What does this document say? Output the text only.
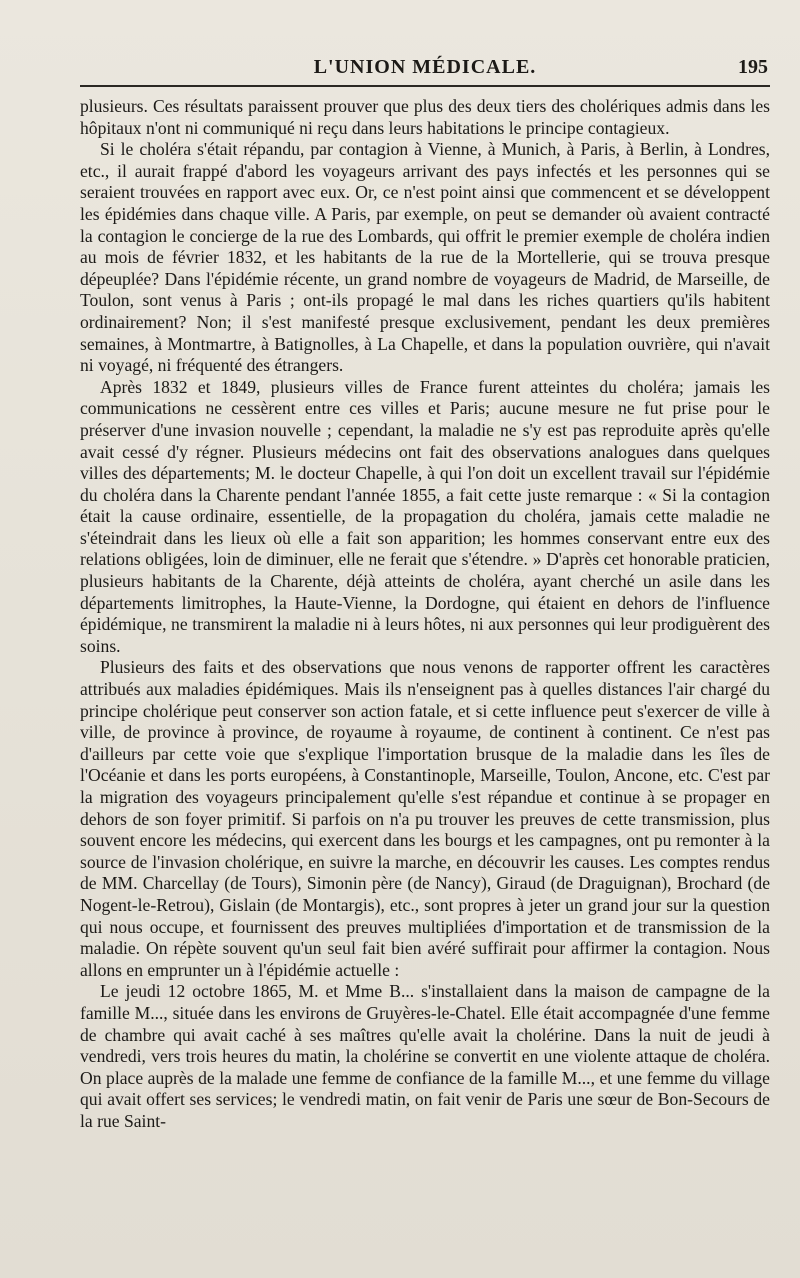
L'UNION MÉDICALE.	195

plusieurs. Ces résultats paraissent prouver que plus des deux tiers des cholériques admis dans les hôpitaux n'ont ni communiqué ni reçu dans leurs habitations le principe contagieux.

Si le choléra s'était répandu, par contagion à Vienne, à Munich, à Paris, à Berlin, à Londres, etc., il aurait frappé d'abord les voyageurs arrivant des pays infectés et les personnes qui se seraient trouvées en rapport avec eux. Or, ce n'est point ainsi que commencent et se développent les épidémies dans chaque ville. A Paris, par exemple, on peut se demander où avaient contracté la contagion le concierge de la rue des Lombards, qui offrit le premier exemple de choléra indien au mois de février 1832, et les habitants de la rue de la Mortellerie, qui se trouva presque dépeuplée? Dans l'épidémie récente, un grand nombre de voyageurs de Madrid, de Marseille, de Toulon, sont venus à Paris ; ont-ils propagé le mal dans les riches quartiers qu'ils habitent ordinairement? Non; il s'est manifesté presque exclusivement, pendant les deux premières semaines, à Montmartre, à Batignolles, à La Chapelle, et dans la population ouvrière, qui n'avait ni voyagé, ni fréquenté des étrangers.

Après 1832 et 1849, plusieurs villes de France furent atteintes du choléra; jamais les communications ne cessèrent entre ces villes et Paris; aucune mesure ne fut prise pour le préserver d'une invasion nouvelle ; cependant, la maladie ne s'y est pas reproduite après qu'elle avait cessé d'y régner. Plusieurs médecins ont fait des observations analogues dans quelques villes des départements; M. le docteur Chapelle, à qui l'on doit un excellent travail sur l'épidémie du choléra dans la Charente pendant l'année 1855, a fait cette juste remarque : « Si la contagion était la cause ordinaire, essentielle, de la propagation du choléra, jamais cette maladie ne s'éteindrait dans les lieux où elle a fait son apparition; les hommes conservant entre eux des relations obligées, loin de diminuer, elle ne ferait que s'étendre. » D'après cet honorable praticien, plusieurs habitants de la Charente, déjà atteints de choléra, ayant cherché un asile dans les départements limitrophes, la Haute-Vienne, la Dordogne, qui étaient en dehors de l'influence épidémique, ne transmirent la maladie ni à leurs hôtes, ni aux personnes qui leur prodiguèrent des soins.

Plusieurs des faits et des observations que nous venons de rapporter offrent les caractères attribués aux maladies épidémiques. Mais ils n'enseignent pas à quelles distances l'air chargé du principe cholérique peut conserver son action fatale, et si cette influence peut s'exercer de ville à ville, de province à province, de royaume à royaume, de continent à continent. Ce n'est pas d'ailleurs par cette voie que s'explique l'importation brusque de la maladie dans les îles de l'Océanie et dans les ports européens, à Constantinople, Marseille, Toulon, Ancone, etc. C'est par la migration des voyageurs principalement qu'elle s'est répandue et continue à se propager en dehors de son foyer primitif. Si parfois on n'a pu trouver les preuves de cette transmission, plus souvent encore les médecins, qui exercent dans les bourgs et les campagnes, ont pu remonter à la source de l'invasion cholérique, en suivre la marche, en découvrir les causes. Les comptes rendus de MM. Charcellay (de Tours), Simonin père (de Nancy), Giraud (de Draguignan), Brochard (de Nogent-le-Retrou), Gislain (de Montargis), etc., sont propres à jeter un grand jour sur la question qui nous occupe, et fournissent des preuves multipliées d'importation et de transmission de la maladie. On répète souvent qu'un seul fait bien avéré suffirait pour affirmer la contagion. Nous allons en emprunter un à l'épidémie actuelle :

Le jeudi 12 octobre 1865, M. et Mme B... s'installaient dans la maison de campagne de la famille M..., située dans les environs de Gruyères-le-Chatel. Elle était accompagnée d'une femme de chambre qui avait caché à ses maîtres qu'elle avait la cholérine. Dans la nuit de jeudi à vendredi, vers trois heures du matin, la cholérine se convertit en une violente attaque de choléra. On place auprès de la malade une femme de confiance de la famille M..., et une femme du village qui avait offert ses services; le vendredi matin, on fait venir de Paris une sœur de Bon-Secours de la rue Saint-
